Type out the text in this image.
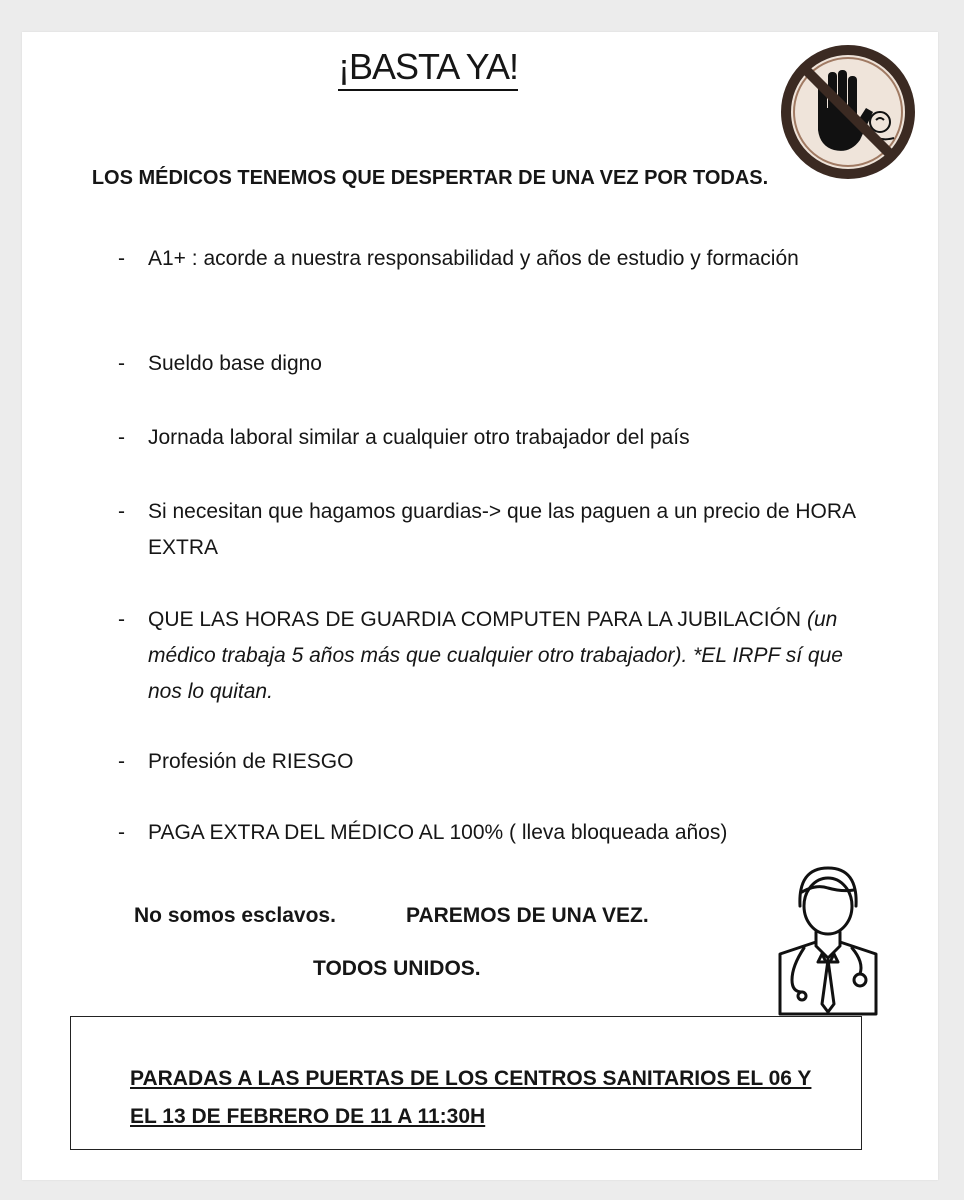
¡BASTA YA!
LOS MÉDICOS TENEMOS QUE DESPERTAR DE UNA VEZ POR TODAS.
- A1+ : acorde a nuestra responsabilidad y años de estudio y formación
- Sueldo base digno
- Jornada laboral similar a cualquier otro trabajador del país
- Si necesitan que hagamos guardias-> que las paguen a un precio de HORA EXTRA
- QUE LAS HORAS DE GUARDIA COMPUTEN PARA LA JUBILACIÓN (un médico trabaja 5 años más que cualquier otro trabajador). *EL IRPF sí que nos lo quitan.
- Profesión de RIESGO
- PAGA EXTRA DEL MÉDICO AL 100% ( lleva bloqueada años)
No somos esclavos.	PAREMOS DE UNA VEZ.
TODOS UNIDOS.
PARADAS A LAS PUERTAS DE LOS CENTROS SANITARIOS EL 06 Y EL 13 DE FEBRERO DE 11 A 11:30H
